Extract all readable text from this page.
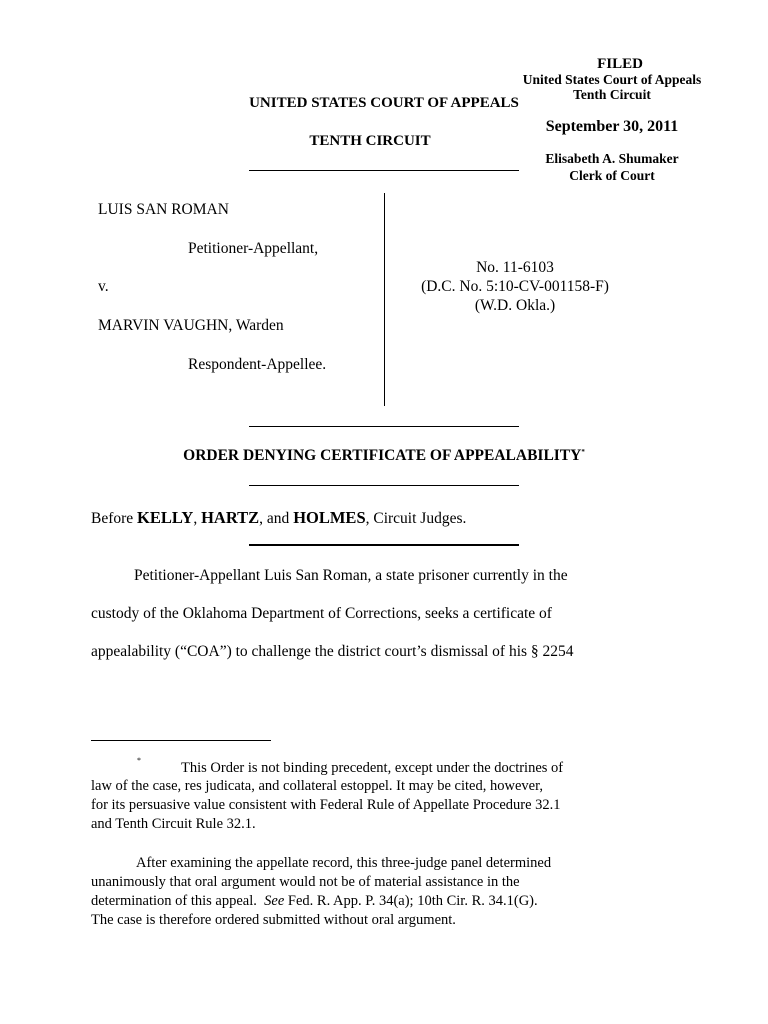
FILED
United States Court of Appeals
Tenth Circuit
September 30, 2011
Elisabeth A. Shumaker
Clerk of Court
UNITED STATES COURT OF APPEALS
TENTH CIRCUIT
LUIS SAN ROMAN
Petitioner-Appellant,
v.
MARVIN VAUGHN, Warden
Respondent-Appellee.
No. 11-6103
(D.C. No. 5:10-CV-001158-F)
(W.D. Okla.)
ORDER DENYING CERTIFICATE OF APPEALABILITY*
Before KELLY, HARTZ, and HOLMES, Circuit Judges.
Petitioner-Appellant Luis San Roman, a state prisoner currently in the
custody of the Oklahoma Department of Corrections, seeks a certificate of
appealability (“COA”) to challenge the district court’s dismissal of his § 2254
*	This Order is not binding precedent, except under the doctrines of
law of the case, res judicata, and collateral estoppel. It may be cited, however,
for its persuasive value consistent with Federal Rule of Appellate Procedure 32.1
and Tenth Circuit Rule 32.1.
After examining the appellate record, this three-judge panel determined
unanimously that oral argument would not be of material assistance in the
determination of this appeal. See Fed. R. App. P. 34(a); 10th Cir. R. 34.1(G).
The case is therefore ordered submitted without oral argument.
